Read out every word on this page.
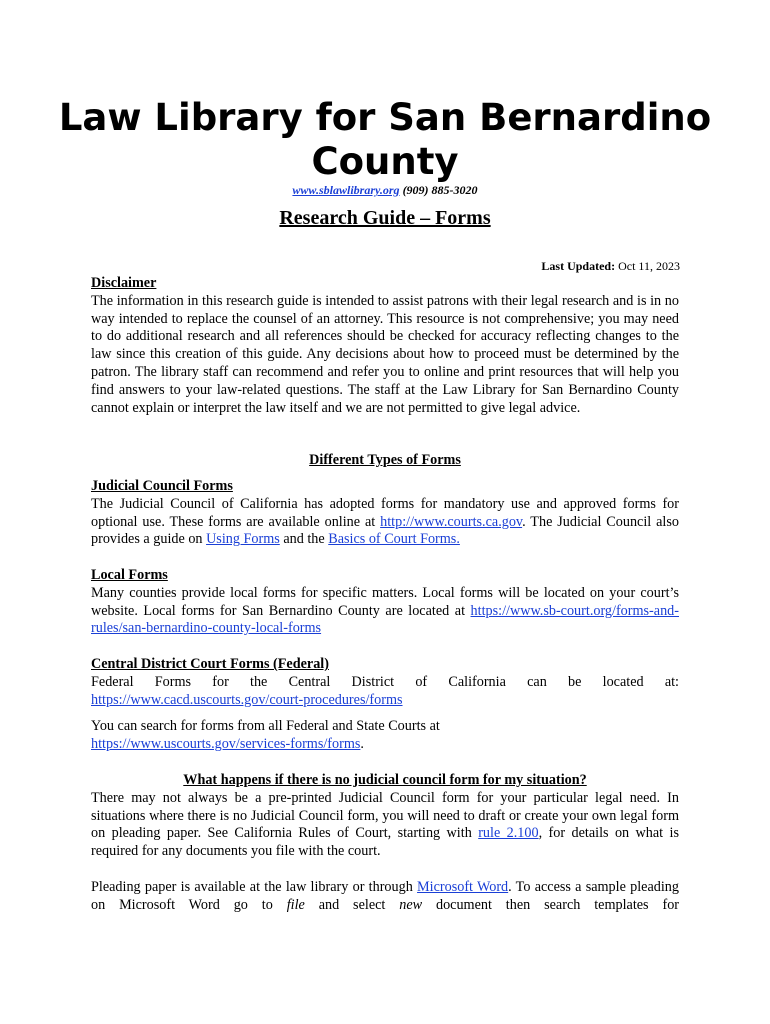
Law Library for San Bernardino
County
www.sblawlibrary.org (909) 885-3020
Research Guide – Forms
Last Updated: Oct 11, 2023

Disclaimer

The information in this research guide is intended to assist patrons with their legal research and is in no way intended to replace the counsel of an attorney. This resource is not comprehensive; you may need to do additional research and all references should be checked for accuracy reflecting changes to the law since this creation of this guide. Any decisions about how to proceed must be determined by the patron. The library staff can recommend and refer you to online and print resources that will help you find answers to your law-related questions. The staff at the Law Library for San Bernardino County cannot explain or interpret the law itself and we are not permitted to give legal advice.

Different Types of Forms

Judicial Council Forms

The Judicial Council of California has adopted forms for mandatory use and approved forms for optional use. These forms are available online at http://www.courts.ca.gov. The Judicial Council also provides a guide on Using Forms and the Basics of Court Forms.

Local Forms

Many counties provide local forms for specific matters. Local forms will be located on your court’s website. Local forms for San Bernardino County are located at https://www.sb-court.org/forms-and-rules/san-bernardino-county-local-forms

Central District Court Forms (Federal)

Federal Forms for the Central District of California can be located at:

https://www.cacd.uscourts.gov/court-procedures/forms

You can search for forms from all Federal and State Courts at

https://www.uscourts.gov/services-forms/forms.

What happens if there is no judicial council form for my situation?

There may not always be a pre-printed Judicial Council form for your particular legal need. In situations where there is no Judicial Council form, you will need to draft or create your own legal form on pleading paper. See California Rules of Court, starting with rule 2.100, for details on what is required for any documents you file with the court.

Pleading paper is available at the law library or through Microsoft Word. To access a sample pleading on Microsoft Word go to file and select new document then search templates for
